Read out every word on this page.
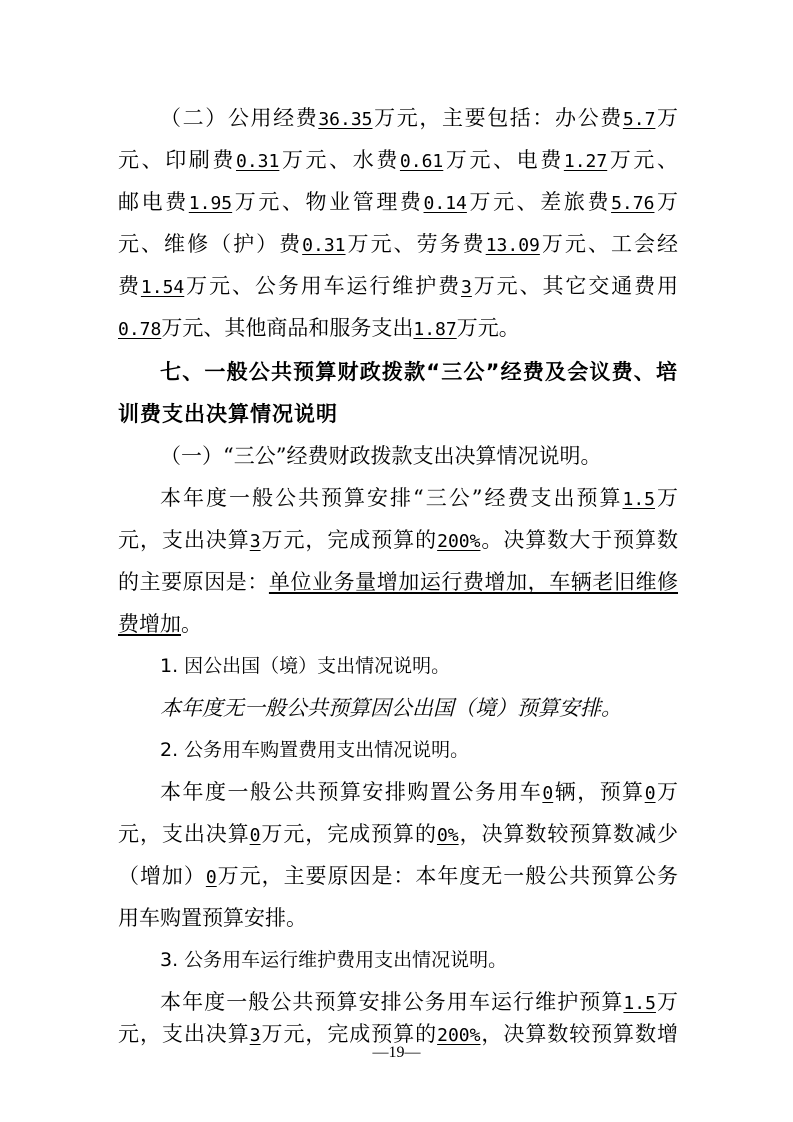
（二）公用经费36.35万元，主要包括：办公费5.7万
元、印刷费0.31万元、水费0.61万元、电费1.27万元、
邮电费1.95万元、物业管理费0.14万元、差旅费5.76万
元、维修（护）费0.31万元、劳务费13.09万元、工会经
费1.54万元、公务用车运行维护费3万元、其它交通费用
0.78万元、其他商品和服务支出1.87万元。
七、一般公共预算财政拨款“三公”经费及会议费、培
训费支出决算情况说明
（一）“三公”经费财政拨款支出决算情况说明。
本年度一般公共预算安排“三公”经费支出预算1.5万
元，支出决算3万元，完成预算的200%。决算数大于预算数
的主要原因是：单位业务量增加运行费增加，车辆老旧维修
费增加。
1. 因公出国（境）支出情况说明。
本年度无一般公共预算因公出国（境）预算安排。
2. 公务用车购置费用支出情况说明。
本年度一般公共预算安排购置公务用车0辆，预算0万
元，支出决算0万元，完成预算的0%，决算数较预算数减少
（增加）0万元，主要原因是：本年度无一般公共预算公务
用车购置预算安排。
3. 公务用车运行维护费用支出情况说明。
本年度一般公共预算安排公务用车运行维护预算1.5万
元，支出决算3万元，完成预算的200%，决算数较预算数增
—19—
